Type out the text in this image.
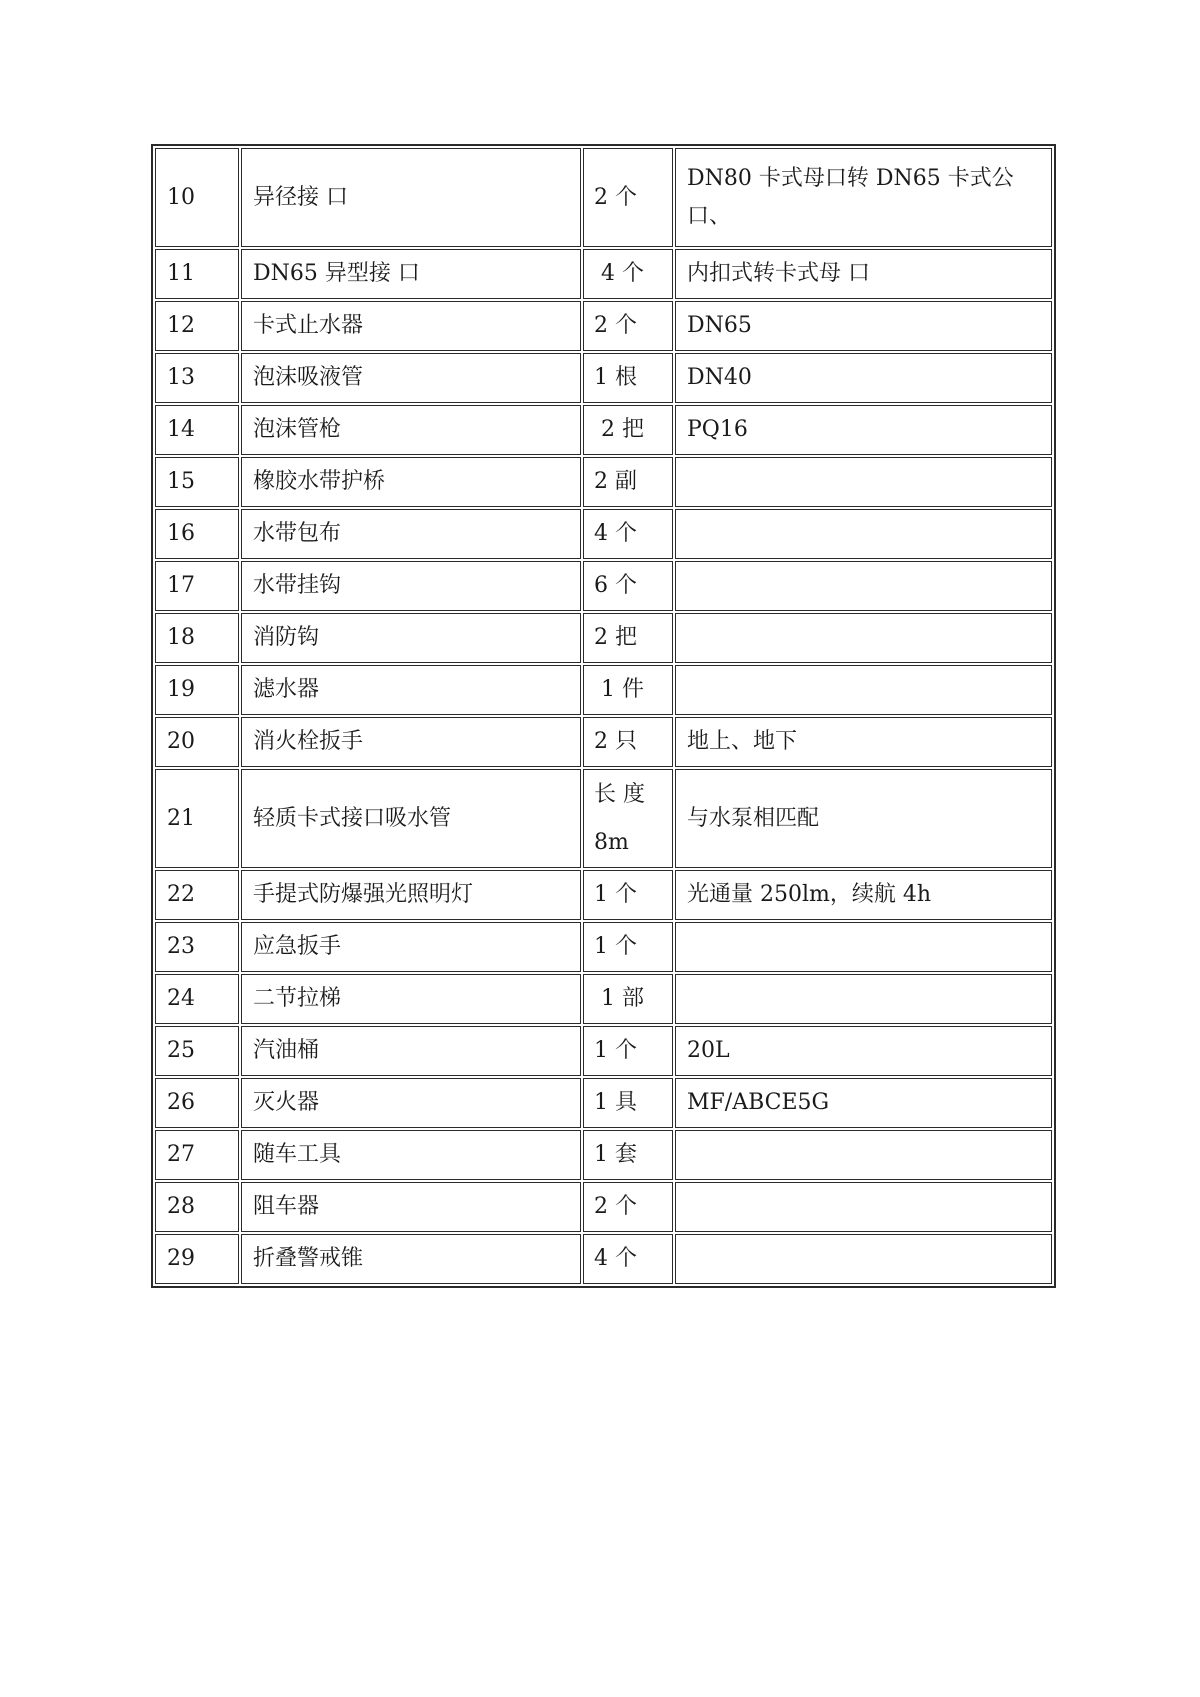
10	异径接 口	2 个	DN80 卡式母口转 DN65 卡式公口、
11	DN65 异型接 口	4 个	内扣式转卡式母 口
12	卡式止水器	2 个	DN65
13	泡沫吸液管	1 根	DN40
14	泡沫管枪	2 把	PQ16
15	橡胶水带护桥	2 副	
16	水带包布	4 个	
17	水带挂钩	6 个	
18	消防钩	2 把	
19	滤水器	1 件	
20	消火栓扳手	2 只	地上、地下
21	轻质卡式接口吸水管	长 度 8m	与水泵相匹配
22	手提式防爆强光照明灯	1 个	光通量 250lm，续航 4h
23	应急扳手	1 个	
24	二节拉梯	1 部	
25	汽油桶	1 个	20L
26	灭火器	1 具	MF/ABCE5G
27	随车工具	1 套	
28	阻车器	2 个	
29	折叠警戒锥	4 个	
